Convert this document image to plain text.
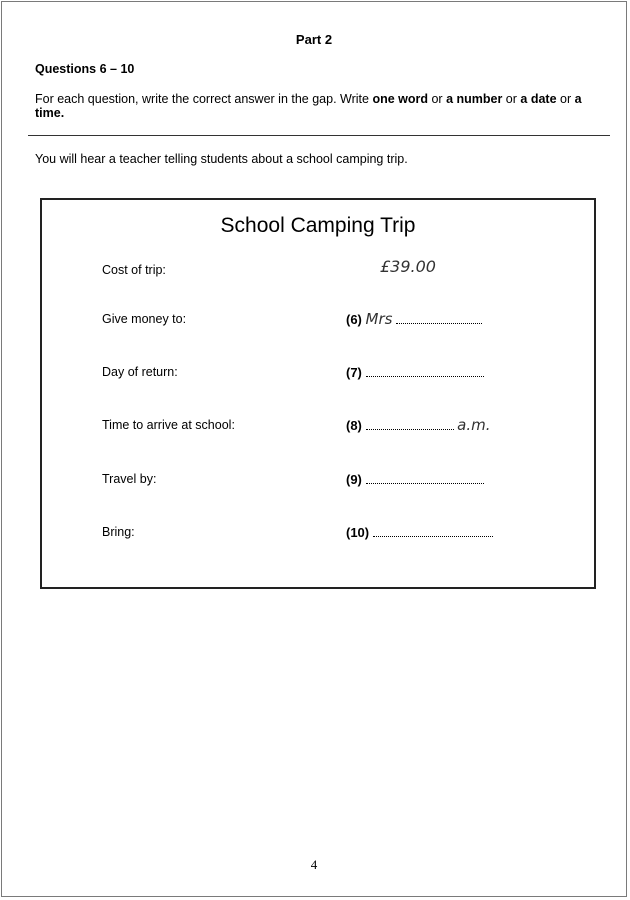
Part 2
Questions 6 – 10
For each question, write the correct answer in the gap. Write one word or a number or a date or a time.
You will hear a teacher telling students about a school camping trip.
School Camping Trip
Cost of trip:	£39.00
Give money to:	(6) Mrs
Day of return:	(7)
Time to arrive at school:	(8)	a.m.
Travel by:	(9)
Bring:	(10)
4
